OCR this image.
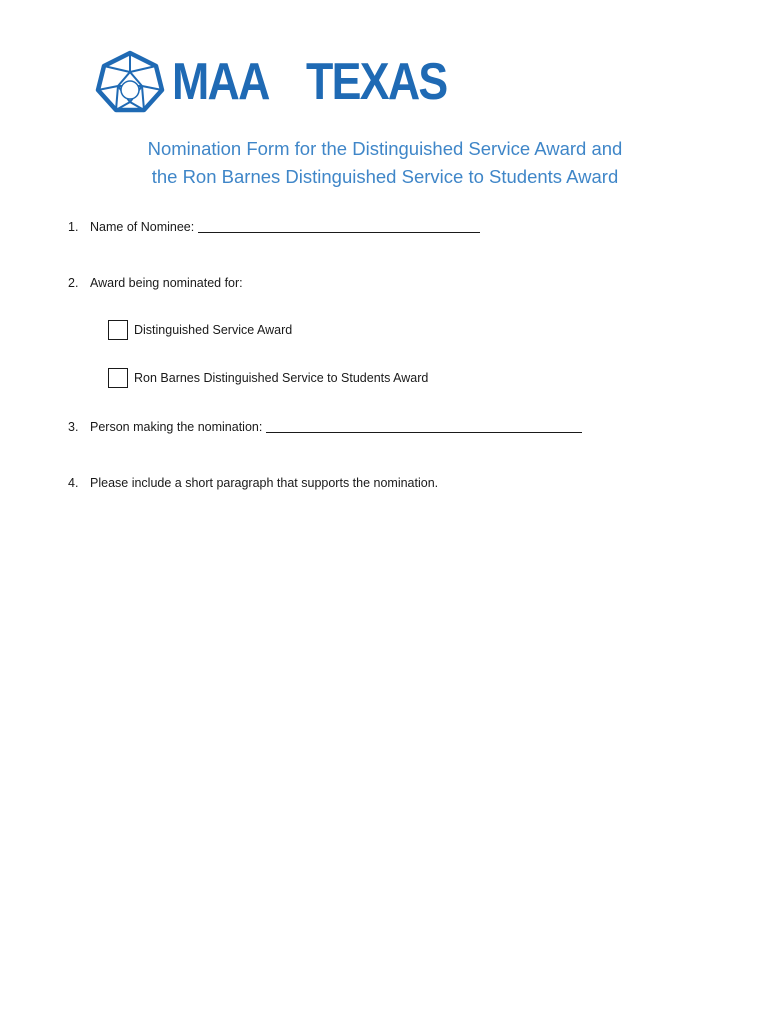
MAA TEXAS
Nomination Form for the Distinguished Service Award and
the Ron Barnes Distinguished Service to Students Award
1. Name of Nominee:
2. Award being nominated for:
Distinguished Service Award
Ron Barnes Distinguished Service to Students Award
3. Person making the nomination:
4. Please include a short paragraph that supports the nomination.
